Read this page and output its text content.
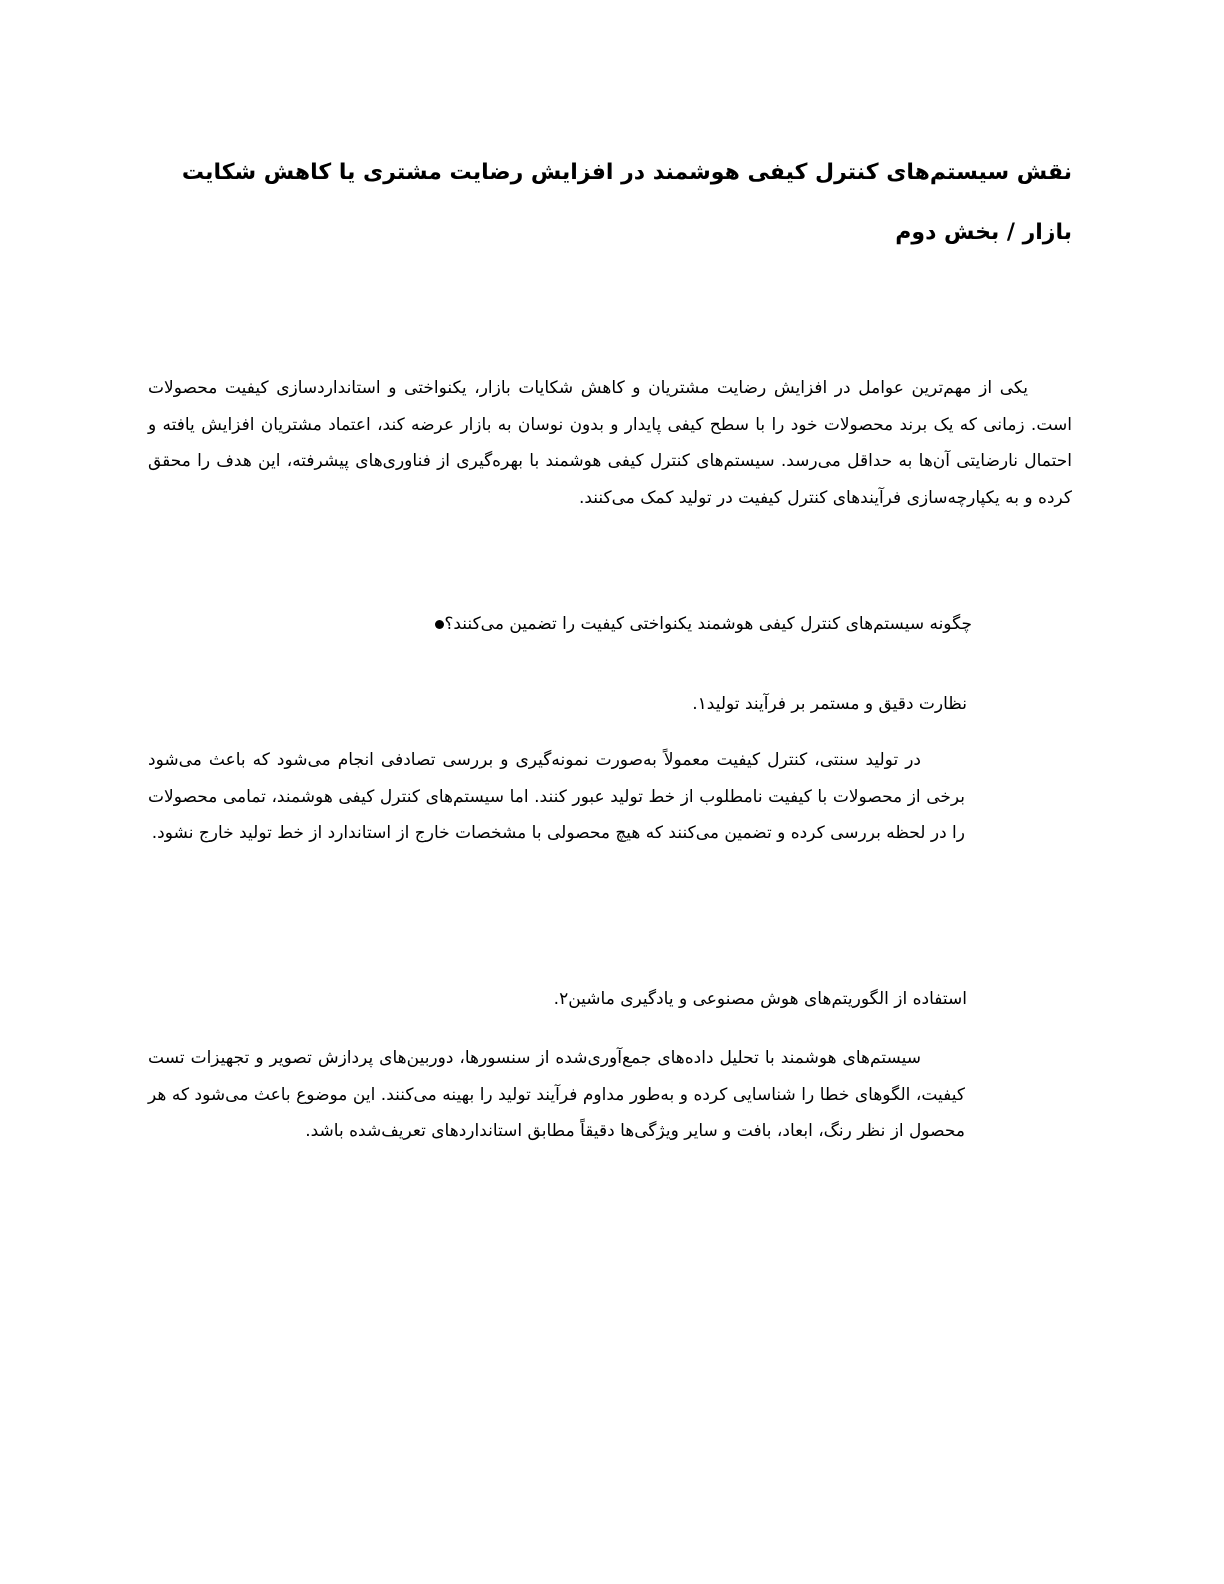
نقش سیستم‌های کنترل کیفی هوشمند در افزایش رضایت مشتری یا کاهش شکایت بازار / بخش دوم

یکی از مهم‌ترین عوامل در افزایش رضایت مشتریان و کاهش شکایات بازار، یکنواختی و استانداردسازی کیفیت محصولات است. زمانی که یک برند محصولات خود را با سطح کیفی پایدار و بدون نوسان به بازار عرضه کند، اعتماد مشتریان افزایش یافته و احتمال نارضایتی آن‌ها به حداقل می‌رسد. سیستم‌های کنترل کیفی هوشمند با بهره‌گیری از فناوری‌های پیشرفته، این هدف را محقق کرده و به یکپارچه‌سازی فرآیندهای کنترل کیفیت در تولید کمک می‌کنند.

چگونه سیستم‌های کنترل کیفی هوشمند یکنواختی کیفیت را تضمین می‌کنند؟
۱. نظارت دقیق و مستمر بر فرآیند تولید

در تولید سنتی، کنترل کیفیت معمولاً به‌صورت نمونه‌گیری و بررسی تصادفی انجام می‌شود که باعث می‌شود برخی از محصولات با کیفیت نامطلوب از خط تولید عبور کنند. اما سیستم‌های کنترل کیفی هوشمند، تمامی محصولات را در لحظه بررسی کرده و تضمین می‌کنند که هیچ محصولی با مشخصات خارج از استاندارد از خط تولید خارج نشود.

۲. استفاده از الگوریتم‌های هوش مصنوعی و یادگیری ماشین

سیستم‌های هوشمند با تحلیل داده‌های جمع‌آوری‌شده از سنسورها، دوربین‌های پردازش تصویر و تجهیزات تست کیفیت، الگوهای خطا را شناسایی کرده و به‌طور مداوم فرآیند تولید را بهینه می‌کنند. این موضوع باعث می‌شود که هر محصول از نظر رنگ، ابعاد، بافت و سایر ویژگی‌ها دقیقاً مطابق استانداردهای تعریف‌شده باشد.
